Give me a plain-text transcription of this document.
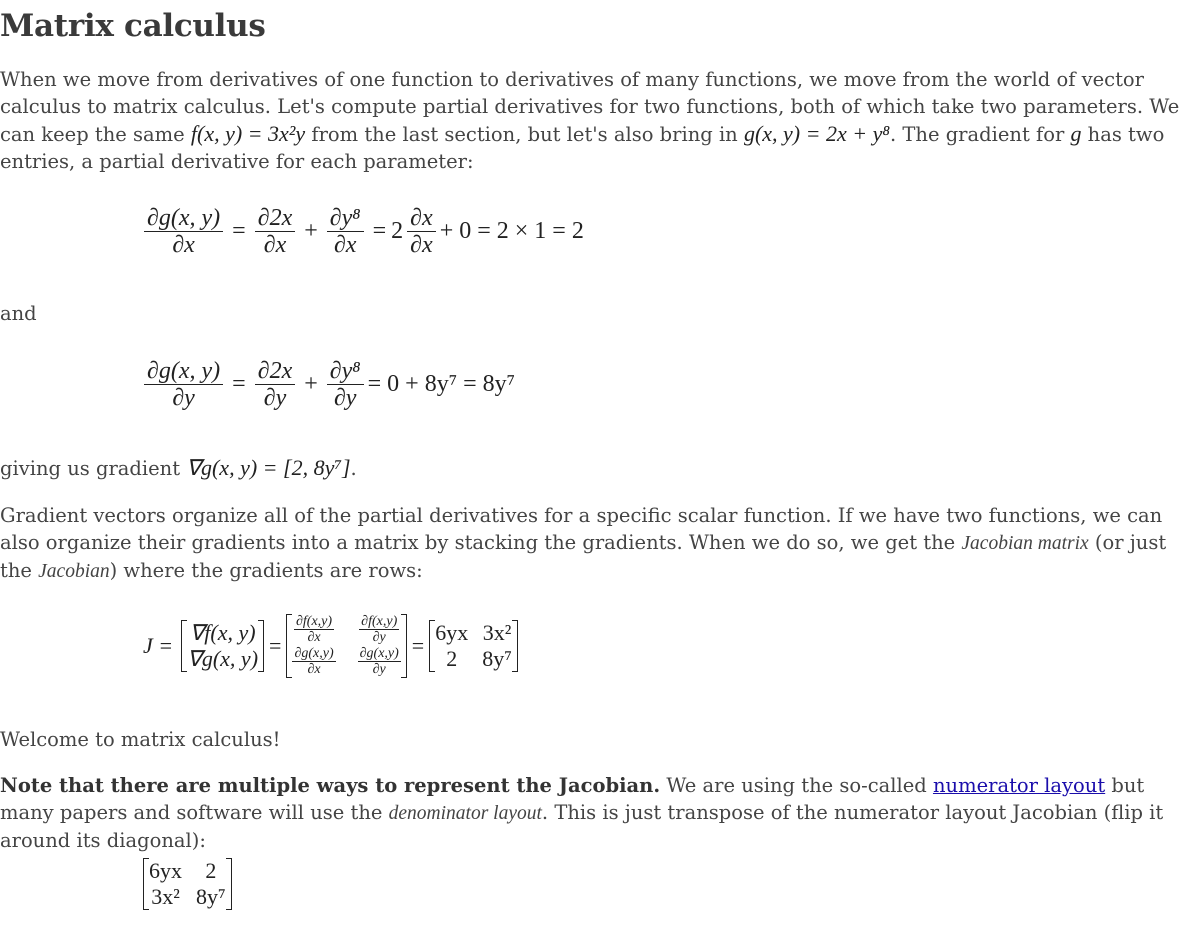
Matrix calculus

When we move from derivatives of one function to derivatives of many functions, we move from the world of vector calculus to matrix calculus. Let's compute partial derivatives for two functions, both of which take two parameters. We can keep the same f(x, y) = 3x²y from the last section, but let's also bring in g(x, y) = 2x + y⁸. The gradient for g has two entries, a partial derivative for each parameter:

$\frac{\partial g(x, y)}{\partial x} = \frac{\partial 2x}{\partial x} + \frac{\text{∂y⁸}}{\partial x} = 2 \frac{\partial x}{\partial x} + 0 = 2 \times 1 = 2$

and

$\frac{\partial g(x, y)}{\partial y} = \frac{\partial 2x}{\partial y} + \frac{\text{∂y⁸}}{\partial y} = 0 + 8y^7 = 8y^7$

giving us gradient ∇g(x, y) = [2, 8y⁷].

Gradient vectors organize all of the partial derivatives for a specific scalar function. If we have two functions, we can also organize their gradients into a matrix by stacking the gradients. When we do so, we get the Jacobian matrix (or just the Jacobian) where the gradients are rows:

J =
∇f(x, y)
∇g(x, y)
= $\frac{\partial f(x,y)}{\partial x} \frac{\partial f(x,y)}{\partial y}$
$\frac{\partial g(x,y)}{\partial x} \frac{\partial g(x,y)}{\partial y}$
=
6yx 3x²
2	8y⁷

Welcome to matrix calculus!

Note that there are multiple ways to represent the Jacobian. We are using the so-called numerator layout but many papers and software will use the denominator layout. This is just transpose of the numerator layout Jacobian (flip it around its diagonal):

6yx	2
3x² 8y⁷
